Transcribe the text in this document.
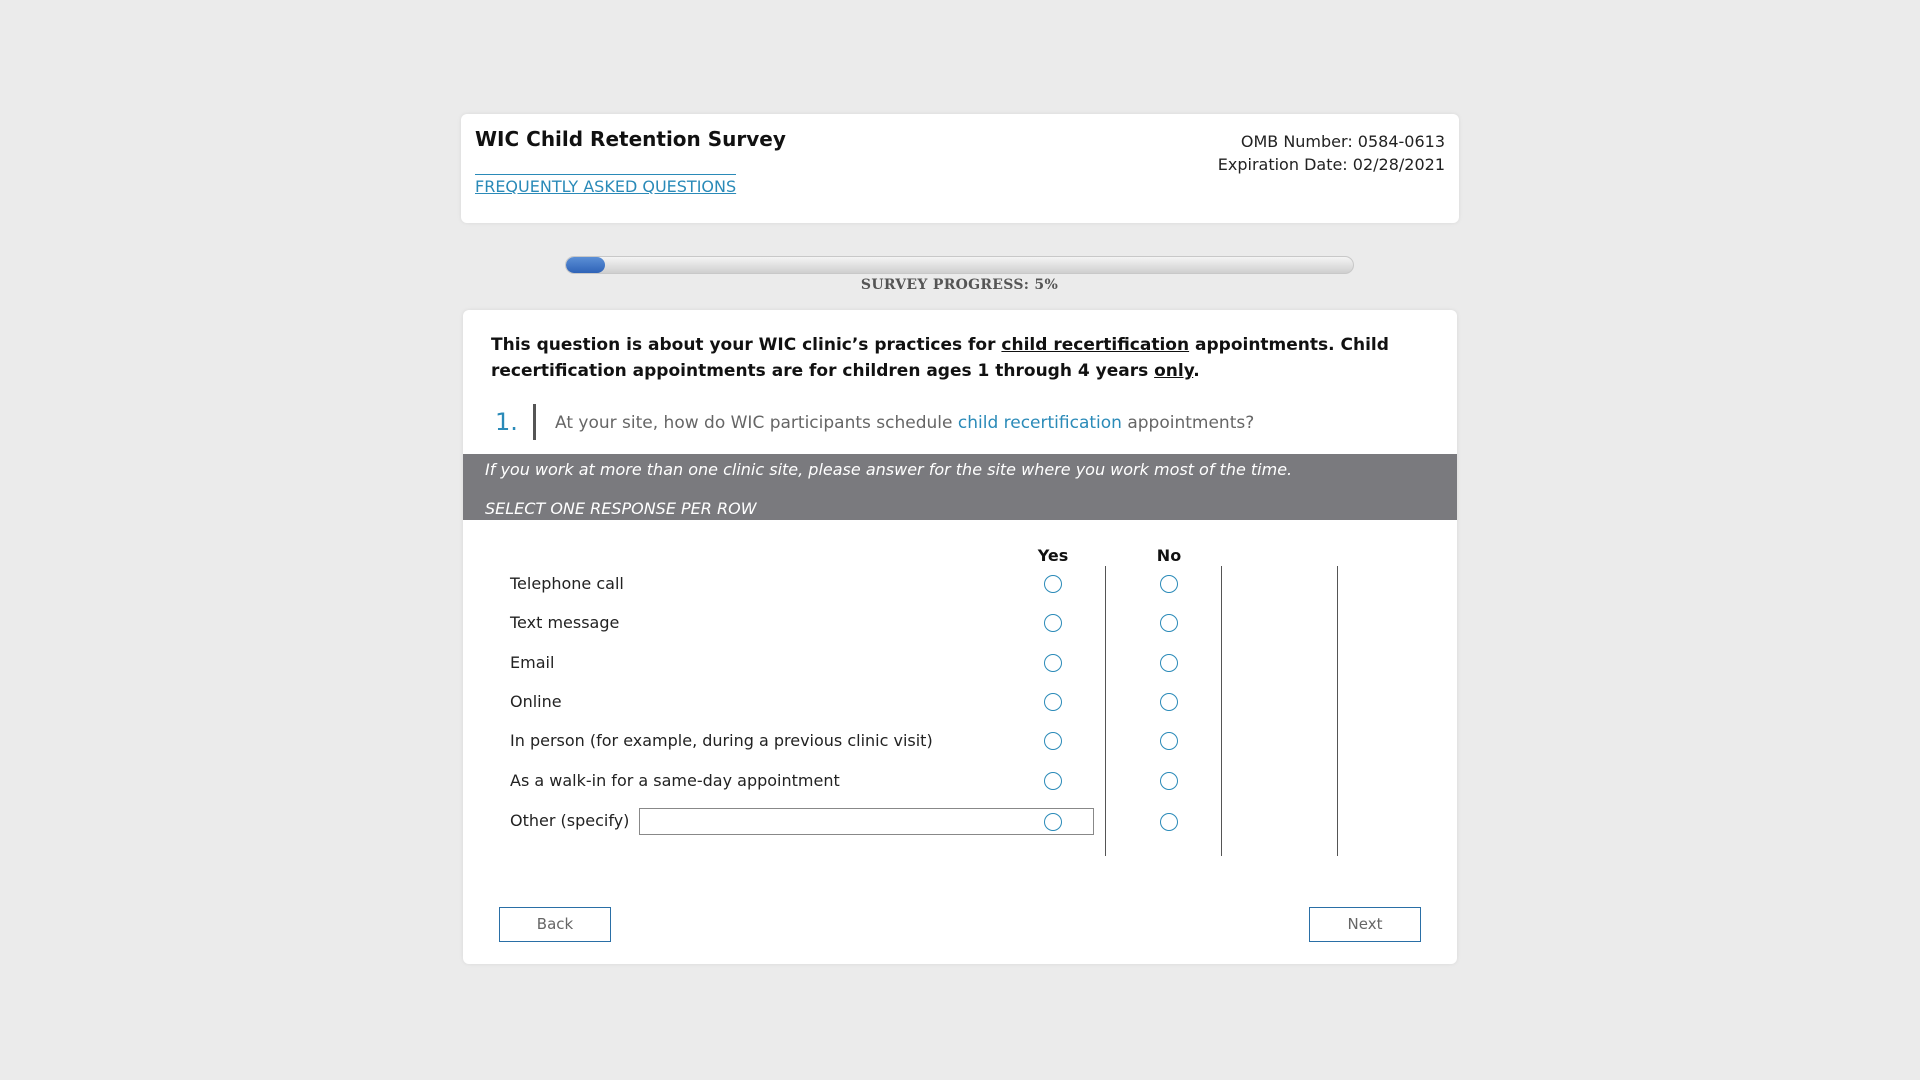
WIC Child Retention Survey
FREQUENTLY ASKED QUESTIONS
OMB Number: 0584-0613
Expiration Date: 02/28/2021
SURVEY PROGRESS: 5%
This question is about your WIC clinic’s practices for child recertification appointments. Child recertification appointments are for children ages 1 through 4 years only.
1. At your site, how do WIC participants schedule child recertification appointments?
If you work at more than one clinic site, please answer for the site where you work most of the time.
SELECT ONE RESPONSE PER ROW
Yes	No
Telephone call
Text message
Email
Online
In person (for example, during a previous clinic visit)
As a walk-in for a same-day appointment
Other (specify)
Back	Next
